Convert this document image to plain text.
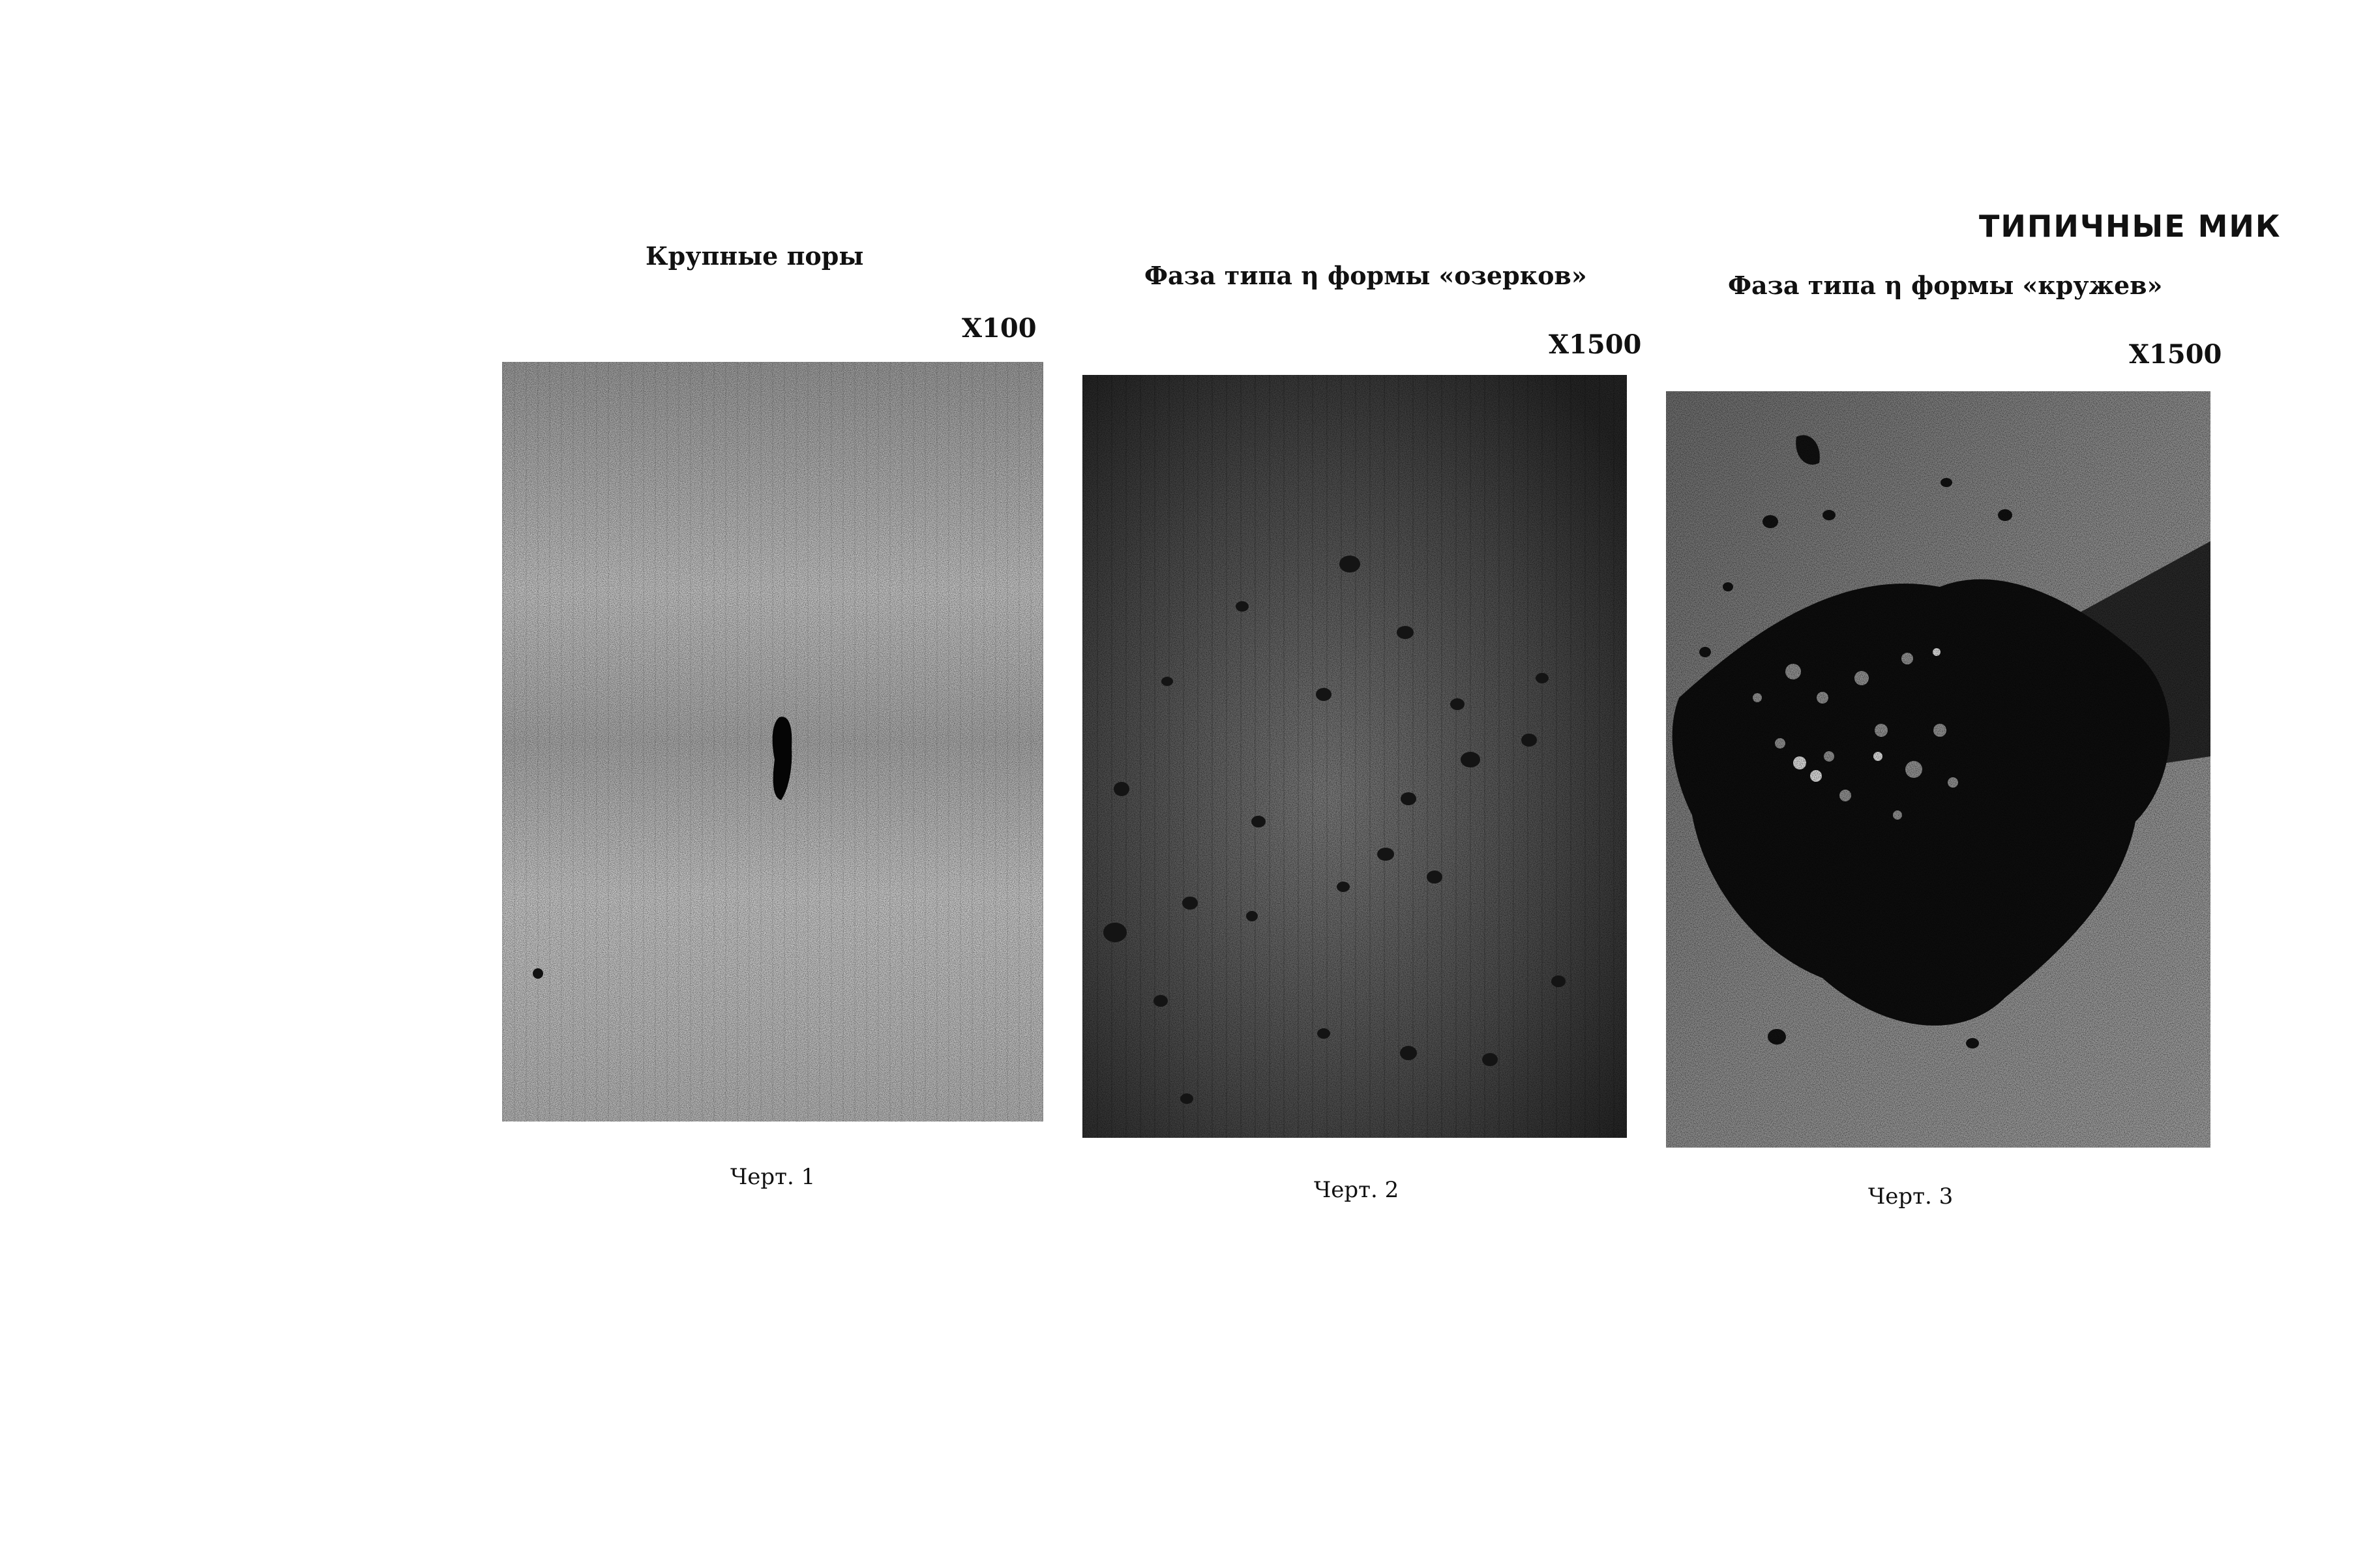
ТИПИЧНЫЕ МИК
Крупные поры
X100
Черт. 1
Фаза типа η формы «озерков»
X1500
Черт. 2
Фаза типа η формы «кружев»
X1500
Черт. 3
